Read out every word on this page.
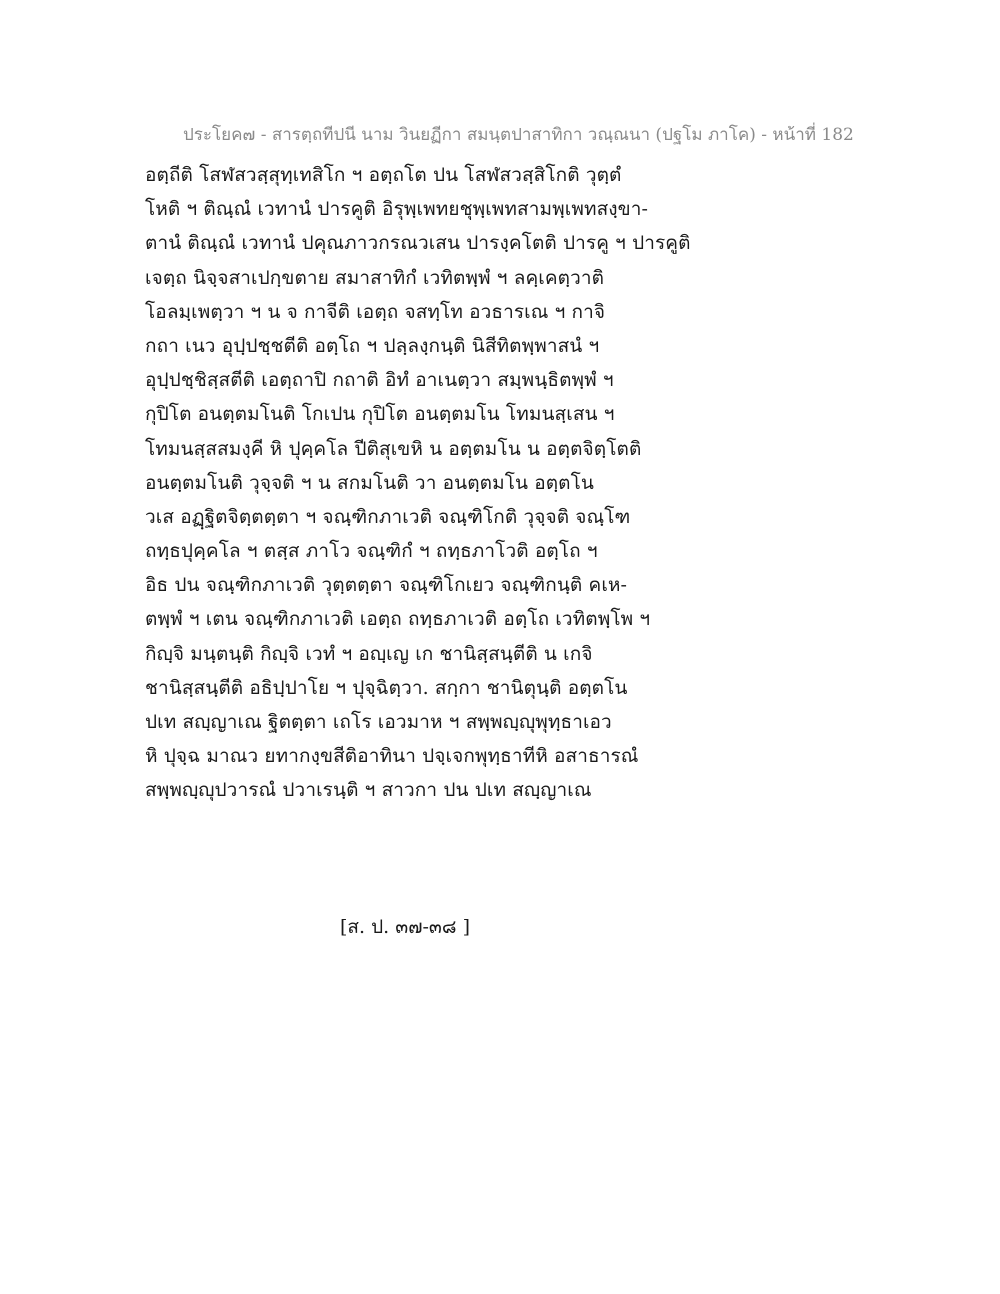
ประโยค๗ - สารตฺถทีปนี นาม วินยฏีกา สมนฺตปาสาทิกา วณฺณนา (ปฐโม ภาโค) - หน้าที่ 182
อตฺถีติ โสฬสวสฺสุทฺเทสิโก ฯ อตฺถโต ปน โสฬสวสฺสิโกติ วุตฺตํ
โหติ ฯ ติณฺณํ เวทานํ ปารคูติ อิรุพฺเพทยชุพฺเพทสามพฺเพทสงฺขา-
ตานํ ติณฺณํ เวทานํ ปคุณภาวกรณวเสน ปารงฺคโตติ ปารคู ฯ ปารคูติ
เจตฺถ นิจฺจสาเปกฺขตาย สมาสาทิกํ เวทิตพฺพํ ฯ ลคฺเคตฺวาติ
โอลมฺเพตฺวา ฯ น จ กาจีติ เอตฺถ จสทฺโท อวธารเณ ฯ กาจิ
กถา เนว อุปฺปชฺชตีติ อตฺโถ ฯ ปลฺลงฺกนฺติ นิสีทิตพฺพาสนํ ฯ
อุปฺปชฺชิสฺสตีติ เอตฺถาปิ กถาติ อิทํ อาเนตฺวา สมฺพนฺธิตพฺพํ ฯ
กุปิโต อนตฺตมโนติ โกเปน กุปิโต อนตฺตมโน โทมนสฺเสน ฯ
โทมนสฺสสมงฺคี หิ ปุคฺคโล ปีติสุเขหิ น อตฺตมโน น อตฺตจิตฺโตติ
อนตฺตมโนติ วุจฺจติ ฯ น สกมโนติ วา อนตฺตมโน อตฺตโน
วเส อฏฺฐิตจิตฺตตฺตา ฯ จณฺฑิกภาเวติ จณฺฑิโกติ วุจฺจติ จณฺโฑ
ถทฺธปุคฺคโล ฯ ตสฺส ภาโว จณฺฑิกํ ฯ ถทฺธภาโวติ อตฺโถ ฯ
อิธ ปน จณฺฑิกภาเวติ วุตฺตตฺตา จณฺฑิโกเยว จณฺฑิกนฺติ คเห-
ตพฺพํ ฯ เตน จณฺฑิกภาเวติ เอตฺถ ถทฺธภาเวติ อตฺโถ เวทิตพฺโพ ฯ
กิญฺจิ มนฺตนฺติ กิญฺจิ เวทํ ฯ อญฺเญ เก ชานิสฺสนฺตีติ น เกจิ
ชานิสฺสนฺตีติ อธิปฺปาโย ฯ ปุจฺฉิตฺวา. สกฺกา ชานิตุนฺติ อตฺตโน
ปเท สญฺญาเณ ฐิตตฺตา เถโร เอวมาห ฯ สพฺพญฺญุพุทฺธาเอว
หิ ปุจฺฉ มาณว ยทากงฺขสีติอาทินา ปจฺเจกพุทฺธาทีหิ อสาธารณํ
สพฺพญฺญุปวารณํ ปวาเรนฺติ ฯ สาวกา ปน ปเท สญฺญาเณ
[ส. ป. ๓๗-๓๘ ]
